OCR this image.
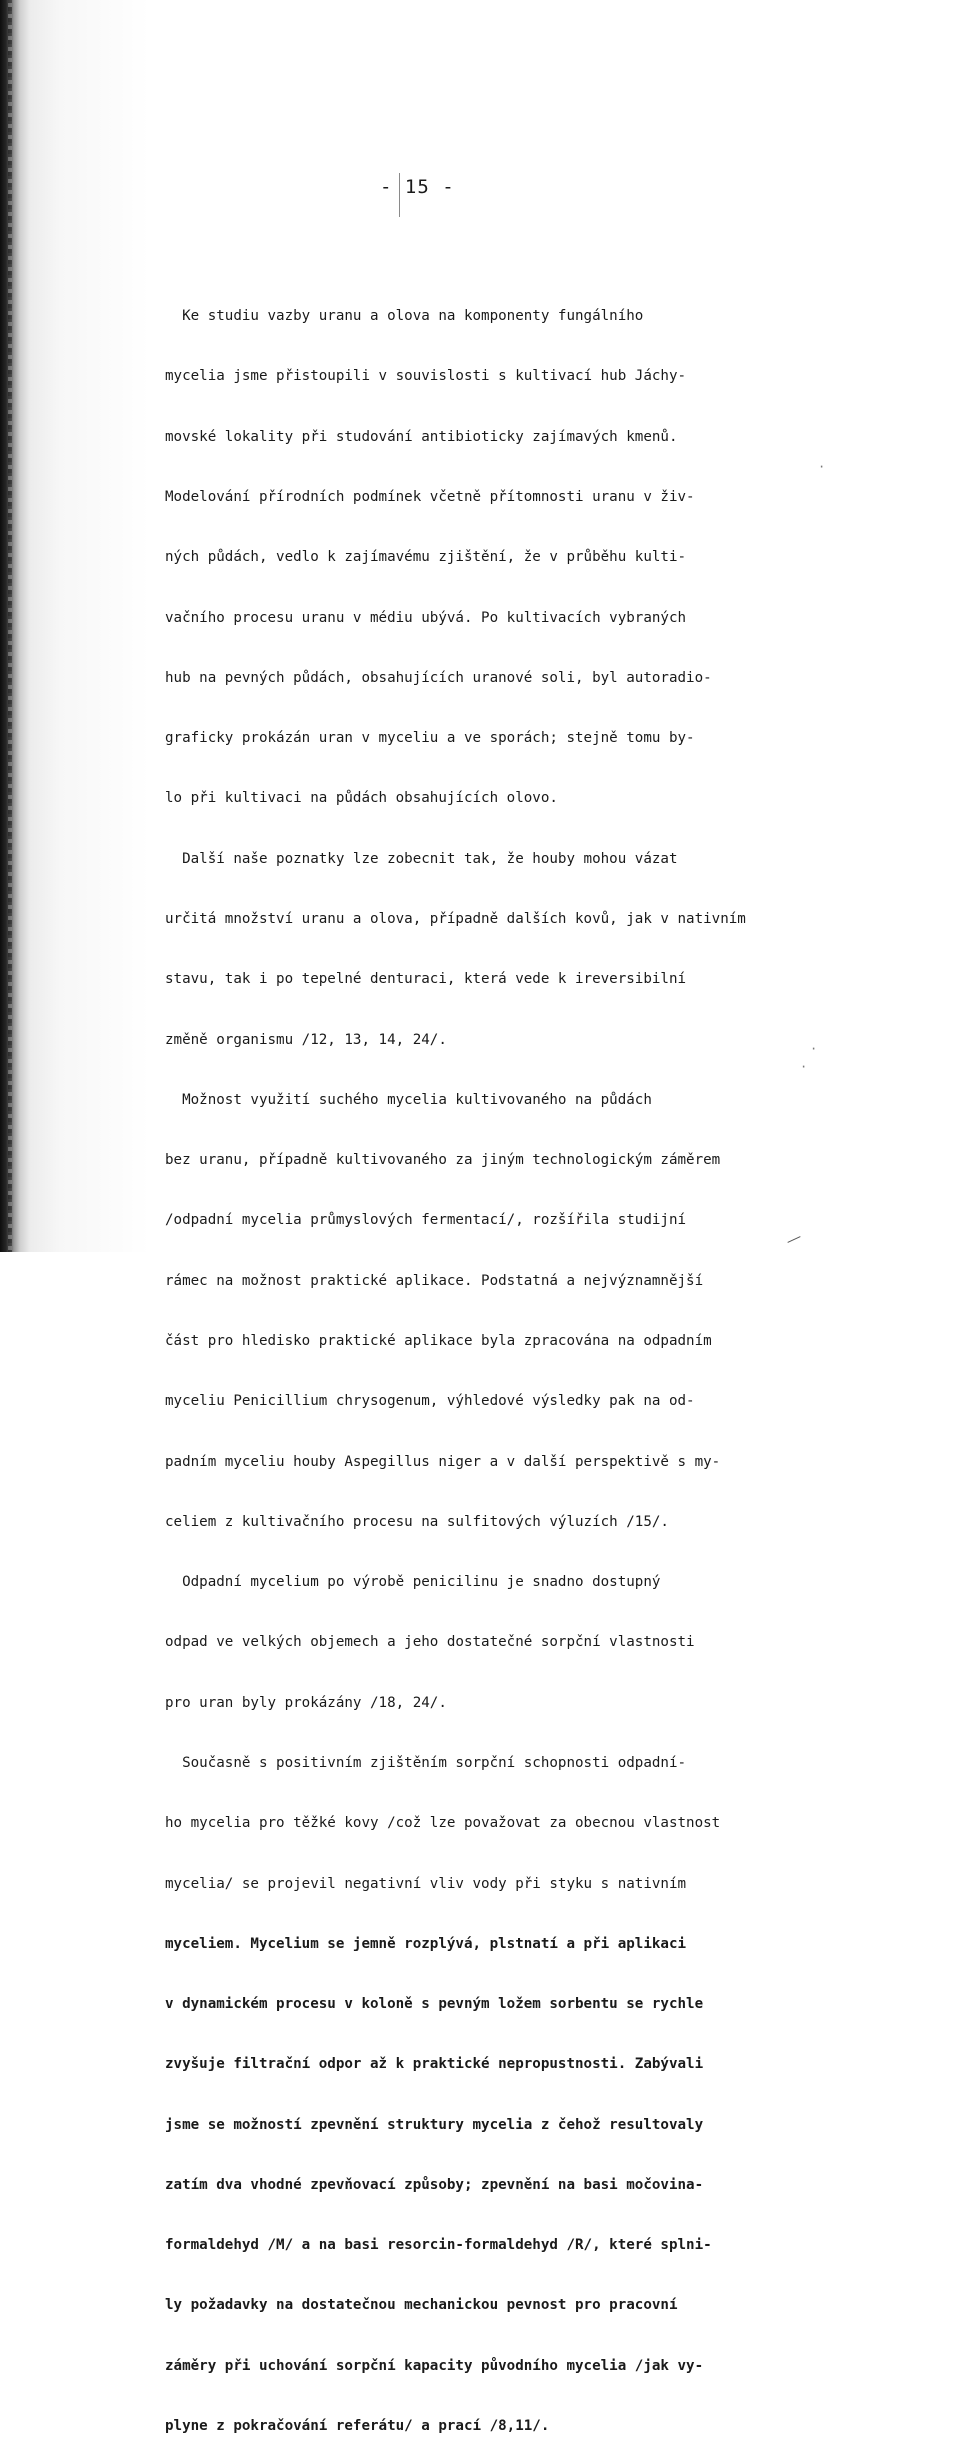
- 15 -

Ke studiu vazby uranu a olova na komponenty fungálního

mycelia jsme přistoupili v souvislosti s kultivací hub Jáchy-

movské lokality při studování antibioticky zajímavých kmenů.

Modelování přírodních podmínek včetně přítomnosti uranu v živ-

ných půdách, vedlo k zajímavému zjištění, že v průběhu kulti-

vačního procesu uranu v médiu ubývá. Po kultivacích vybraných

hub na pevných půdách, obsahujících uranové soli, byl autoradio-

graficky prokázán uran v myceliu a ve sporách; stejně tomu by-

lo při kultivaci na půdách obsahujících olovo.

Další naše poznatky lze zobecnit tak, že houby mohou vázat

určitá množství uranu a olova, případně dalších kovů, jak v nativním

stavu, tak i po tepelné denturaci, která vede k ireversibilní

změně organismu /12, 13, 14, 24/.

Možnost využití suchého mycelia kultivovaného na půdách

bez uranu, případně kultivovaného za jiným technologickým záměrem

/odpadní mycelia průmyslových fermentací/, rozšířila studijní

rámec na možnost praktické aplikace. Podstatná a nejvýznamnější

část pro hledisko praktické aplikace byla zpracována na odpadním

myceliu Penicillium chrysogenum, výhledové výsledky pak na od-

padním myceliu houby Aspegillus niger a v další perspektivě s my-

celiem z kultivačního procesu na sulfitových výluzích /15/.

Odpadní mycelium po výrobě penicilinu je snadno dostupný

odpad ve velkých objemech a jeho dostatečné sorpční vlastnosti

pro uran byly prokázány /18, 24/.

Současně s positivním zjištěním sorpční schopnosti odpadní-

ho mycelia pro těžké kovy /což lze považovat za obecnou vlastnost

mycelia/ se projevil negativní vliv vody při styku s nativním

myceliem. Mycelium se jemně rozplývá, plstnatí a při aplikaci

v dynamickém procesu v koloně s pevným ložem sorbentu se rychle

zvyšuje filtrační odpor až k praktické nepropustnosti. Zabývali

jsme se možností zpevnění struktury mycelia z čehož resultovaly

zatím dva vhodné zpevňovací způsoby; zpevnění na basi močovina-

formaldehyd /M/ a na basi resorcin-formaldehyd /R/, které splni-

ly požadavky na dostatečnou mechanickou pevnost pro pracovní

záměry při uchování sorpční kapacity původního mycelia /jak vy-

plyne z pokračování referátu/ a prací /8,11/.

·
·
·
